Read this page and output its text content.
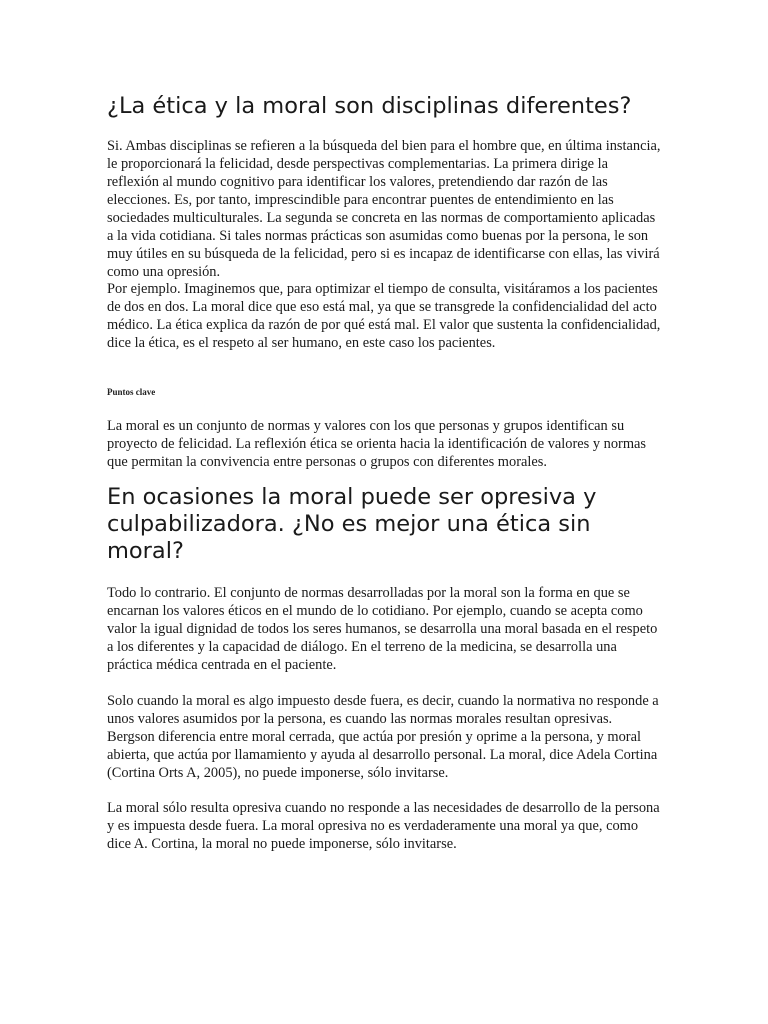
¿La ética y la moral son disciplinas diferentes?

Si. Ambas disciplinas se refieren a la búsqueda del bien para el hombre que, en última instancia, le proporcionará la felicidad, desde perspectivas complementarias. La primera dirige la reflexión al mundo cognitivo para identificar los valores, pretendiendo dar razón de las elecciones. Es, por tanto, imprescindible para encontrar puentes de entendimiento en las sociedades multiculturales. La segunda se concreta en las normas de comportamiento aplicadas a la vida cotidiana. Si tales normas prácticas son asumidas como buenas por la persona, le son muy útiles en su búsqueda de la felicidad, pero si es incapaz de identificarse con ellas, las vivirá como una opresión.

Por ejemplo. Imaginemos que, para optimizar el tiempo de consulta, visitáramos a los pacientes de dos en dos. La moral dice que eso está mal, ya que se transgrede la confidencialidad del acto médico. La ética explica da razón de por qué está mal. El valor que sustenta la confidencialidad, dice la ética, es el respeto al ser humano, en este caso los pacientes.

Puntos clave

La moral es un conjunto de normas y valores con los que personas y grupos identifican su proyecto de felicidad. La reflexión ética se orienta hacia la identificación de valores y normas que permitan la convivencia entre personas o grupos con diferentes morales.

En ocasiones la moral puede ser opresiva y culpabilizadora. ¿No es mejor una ética sin moral?

Todo lo contrario. El conjunto de normas desarrolladas por la moral son la forma en que se encarnan los valores éticos en el mundo de lo cotidiano. Por ejemplo, cuando se acepta como valor la igual dignidad de todos los seres humanos, se desarrolla una moral basada en el respeto a los diferentes y la capacidad de diálogo. En el terreno de la medicina, se desarrolla una práctica médica centrada en el paciente.

Solo cuando la moral es algo impuesto desde fuera, es decir, cuando la normativa no responde a unos valores asumidos por la persona, es cuando las normas morales resultan opresivas. Bergson diferencia entre moral cerrada, que actúa por presión y oprime a la persona, y moral abierta, que actúa por llamamiento y ayuda al desarrollo personal. La moral, dice Adela Cortina (Cortina Orts A, 2005), no puede imponerse, sólo invitarse.

La moral sólo resulta opresiva cuando no responde a las necesidades de desarrollo de la persona y es impuesta desde fuera. La moral opresiva no es verdaderamente una moral ya que, como dice A. Cortina, la moral no puede imponerse, sólo invitarse.
